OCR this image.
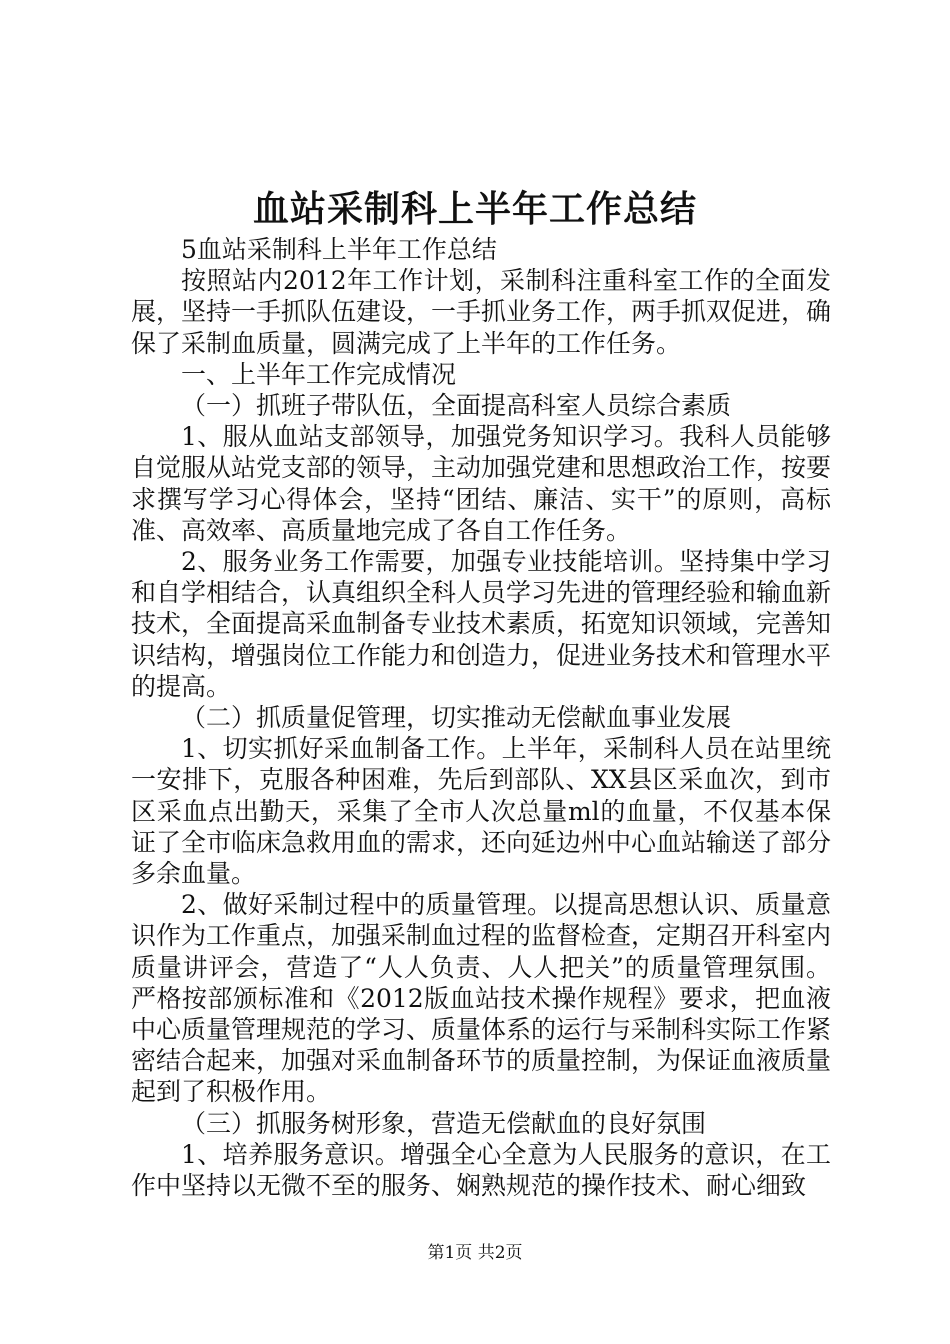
血站采制科上半年工作总结

5血站采制科上半年工作总结

按照站内2012年工作计划，采制科注重科室工作的全面发展，坚持一手抓队伍建设，一手抓业务工作，两手抓双促进，确保了采制血质量，圆满完成了上半年的工作任务。

一、上半年工作完成情况

（一）抓班子带队伍，全面提高科室人员综合素质

1、服从血站支部领导，加强党务知识学习。我科人员能够自觉服从站党支部的领导，主动加强党建和思想政治工作，按要求撰写学习心得体会，坚持“团结、廉洁、实干”的原则，高标准、高效率、高质量地完成了各自工作任务。

2、服务业务工作需要，加强专业技能培训。坚持集中学习和自学相结合，认真组织全科人员学习先进的管理经验和输血新技术，全面提高采血制备专业技术素质，拓宽知识领域，完善知识结构，增强岗位工作能力和创造力，促进业务技术和管理水平的提高。

（二）抓质量促管理，切实推动无偿献血事业发展

1、切实抓好采血制备工作。上半年，采制科人员在站里统一安排下，克服各种困难，先后到部队、XX县区采血次，到市区采血点出勤天，采集了全市人次总量ml的血量，不仅基本保证了全市临床急救用血的需求，还向延边州中心血站输送了部分多余血量。

2、做好采制过程中的质量管理。以提高思想认识、质量意识作为工作重点，加强采制血过程的监督检查，定期召开科室内质量讲评会，营造了“人人负责、人人把关”的质量管理氛围。严格按部颁标准和《2012版血站技术操作规程》要求，把血液中心质量管理规范的学习、质量体系的运行与采制科实际工作紧密结合起来，加强对采血制备环节的质量控制，为保证血液质量起到了积极作用。

（三）抓服务树形象，营造无偿献血的良好氛围

1、培养服务意识。增强全心全意为人民服务的意识，在工作中坚持以无微不至的服务、娴熟规范的操作技术、耐心细致

第1页 共2页
